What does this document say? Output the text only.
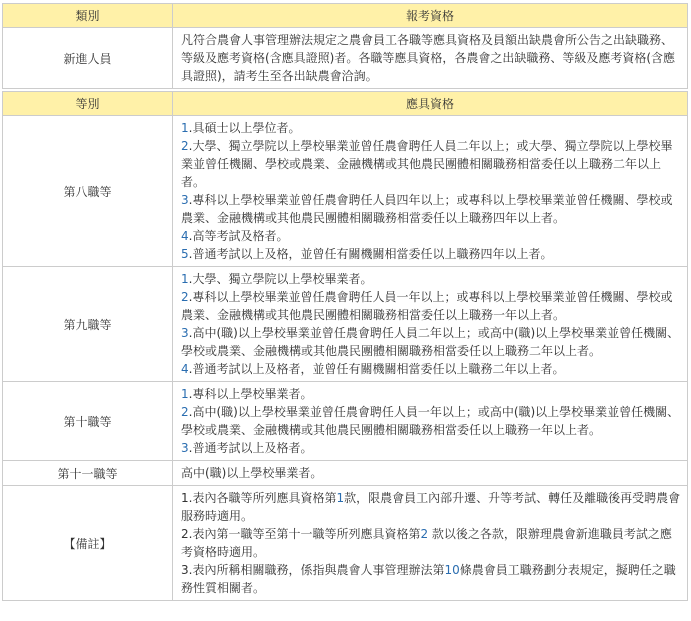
類別	報考資格
新進人員	凡符合農會人事管理辦法規定之農會員工各職等應具資格及員額出缺農會所公告之出缺職務、等級及應考資格(含應具證照)者。各職等應具資格，各農會之出缺職務、等級及應考資格(含應具證照)，請考生至各出缺農會洽詢。

等別	應具資格
第八職等	1.具碩士以上學位者。
2.大學、獨立學院以上學校畢業並曾任農會聘任人員二年以上；或大學、獨立學院以上學校畢業並曾任機關、學校或農業、金融機構或其他農民團體相關職務相當委任以上職務二年以上者。
3.專科以上學校畢業並曾任農會聘任人員四年以上；或專科以上學校畢業並曾任機關、學校或農業、金融機構或其他農民團體相關職務相當委任以上職務四年以上者。
4.高等考試及格者。
5.普通考試以上及格，並曾任有關機關相當委任以上職務四年以上者。

第九職等	1.大學、獨立學院以上學校畢業者。
2.專科以上學校畢業並曾任農會聘任人員一年以上；或專科以上學校畢業並曾任機關、學校或農業、金融機構或其他農民團體相關職務相當委任以上職務一年以上者。
3.高中(職)以上學校畢業並曾任農會聘任人員二年以上；或高中(職)以上學校畢業並曾任機關、學校或農業、金融機構或其他農民團體相關職務相當委任以上職務二年以上者。
4.普通考試以上及格者，並曾任有關機關相當委任以上職務二年以上者。

第十職等	1.專科以上學校畢業者。
2.高中(職)以上學校畢業並曾任農會聘任人員一年以上；或高中(職)以上學校畢業並曾任機關、學校或農業、金融機構或其他農民團體相關職務相當委任以上職務一年以上者。
3.普通考試以上及格者。

第十一職等	高中(職)以上學校畢業者。

【備註】	1.表內各職等所列應具資格第1款，限農會員工內部升遷、升等考試、轉任及離職後再受聘農會服務時適用。
2.表內第一職等至第十一職等所列應具資格第2 款以後之各款，限辦理農會新進職員考試之應考資格時適用。
3.表內所稱相關職務，係指與農會人事管理辦法第10條農會員工職務劃分表規定，擬聘任之職務性質相關者。
